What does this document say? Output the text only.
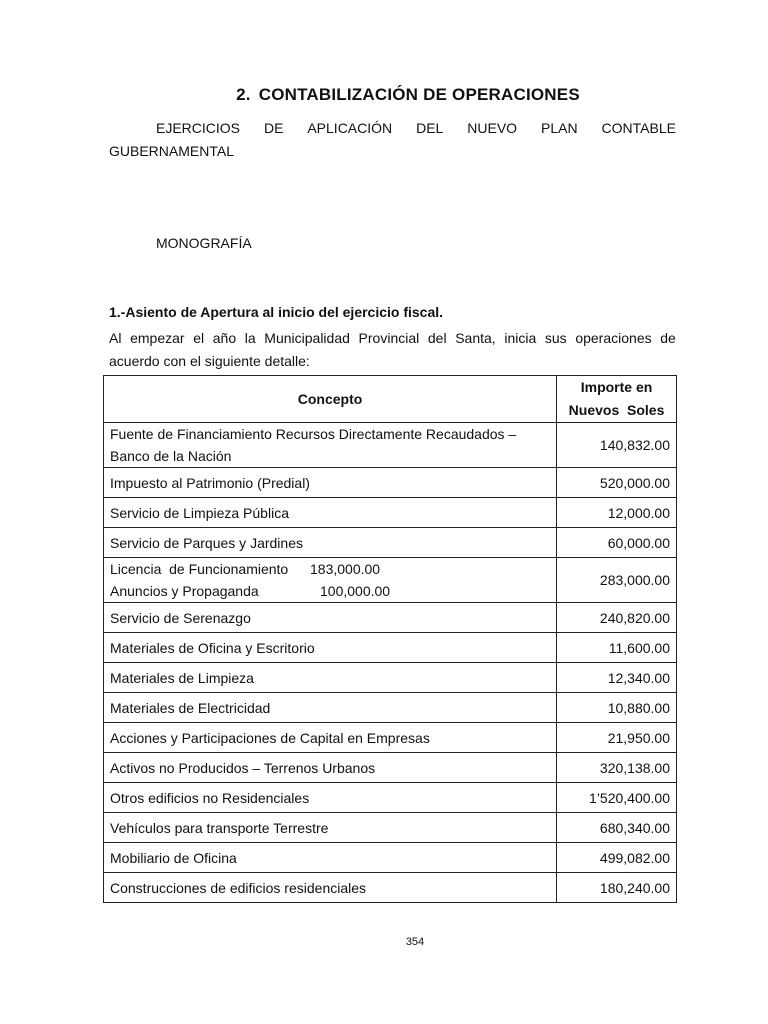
2. CONTABILIZACIÓN DE OPERACIONES
EJERCICIOS DE APLICACIÓN DEL NUEVO PLAN CONTABLE
GUBERNAMENTAL
MONOGRAFÍA
1.-Asiento de Apertura al inicio del ejercicio fiscal.
Al empezar el año la Municipalidad Provincial del Santa, inicia sus operaciones de
acuerdo con el siguiente detalle:
Concepto	Importe en
Nuevos  Soles

Fuente de Financiamiento Recursos Directamente Recaudados –
Banco de la Nación	140,832.00
Impuesto al Patrimonio (Predial)	520,000.00
Servicio de Limpieza Pública	12,000.00
Servicio de Parques y Jardines	60,000.00

Licencia  de Funcionamiento 183,000.00
Anuncios y Propaganda 100,000.00	283,000.00
Servicio de Serenazgo	240,820.00
Materiales de Oficina y Escritorio	11,600.00
Materiales de Limpieza	12,340.00
Materiales de Electricidad	10,880.00
Acciones y Participaciones de Capital en Empresas	21,950.00
Activos no Producidos – Terrenos Urbanos	320,138.00
Otros edificios no Residenciales	1’520,400.00
Vehículos para transporte Terrestre	680,340.00
Mobiliario de Oficina	499,082.00
Construcciones de edificios residenciales	180,240.00
354
